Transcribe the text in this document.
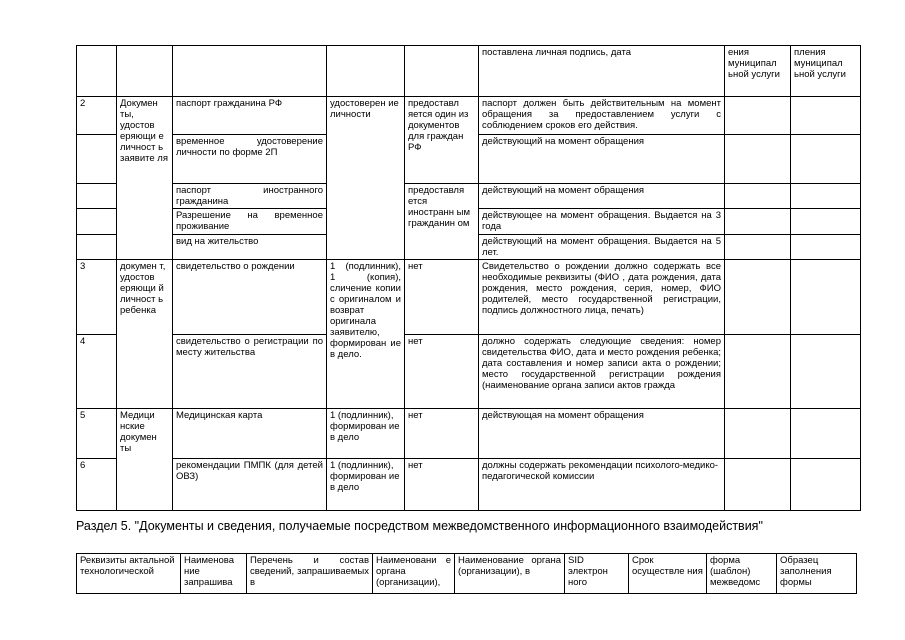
					поставлена личная подпись, дата	ения муниципал ьной услуги	пления муниципал ьной услуги
2	Докумен ты, удостов еряющи е личност ь заявите ля	паспорт гражданина РФ	удостоверен ие личности	предоставл яется один из документов для граждан РФ	паспорт должен быть действительным на момент обращения за предоставлением услуги с соблюдением сроков его действия.		
		временное удостоверение личности по форме 2П			действующий на момент обращения		
		паспорт иностранного гражданина		предоставля ется иностранн ым гражданин ом	действующий на момент обращения		
		Разрешение на временное проживание			действующее на момент обращения. Выдается на 3 года		
		вид на жительство			действующий на момент обращения. Выдается на 5 лет.		
3	докумен т, удостов еряющи й личност ь ребенка	свидетельство о рождении	1 (подлинник), 1 (копия), сличение копии с оригиналом и возврат оригинала заявителю, формирован ие в дело.	нет	Свидетельство о рождении должно содержать все необходимые реквизиты (ФИО , дата рождения, дата рождения, место рождения, серия, номер, ФИО родителей, место государственной регистрации, подпись должностного лица, печать)		
4		свидетельство о регистрации по месту жительства		нет	должно содержать следующие сведения: номер свидетельства ФИО, дата и место рождения ребенка; дата составления и номер записи акта о рождении; место государственной регистрации рождения (наименование органа записи актов гражда		
5	Медици нские докумен ты	Медицинская карта	1 (подлинник), формирован ие в дело	нет	действующая на момент обращения		
6		рекомендации ПМПК (для детей ОВЗ)	1 (подлинник), формирован ие в дело	нет	должны содержать рекомендации психолого-медико-педагогической комиссии		
Раздел 5. "Документы и сведения, получаемые посредством межведомственного информационного взаимодействия"
Реквизиты актальной технологической	Наименова ние запрашива	Перечень и состав сведений, запрашиваемых в	Наименовани е органа (организации),	Наименование органа (организации), в	SID электрон ного	Срок осуществле ния	форма (шаблон) межведомс	Образец заполнения формы
